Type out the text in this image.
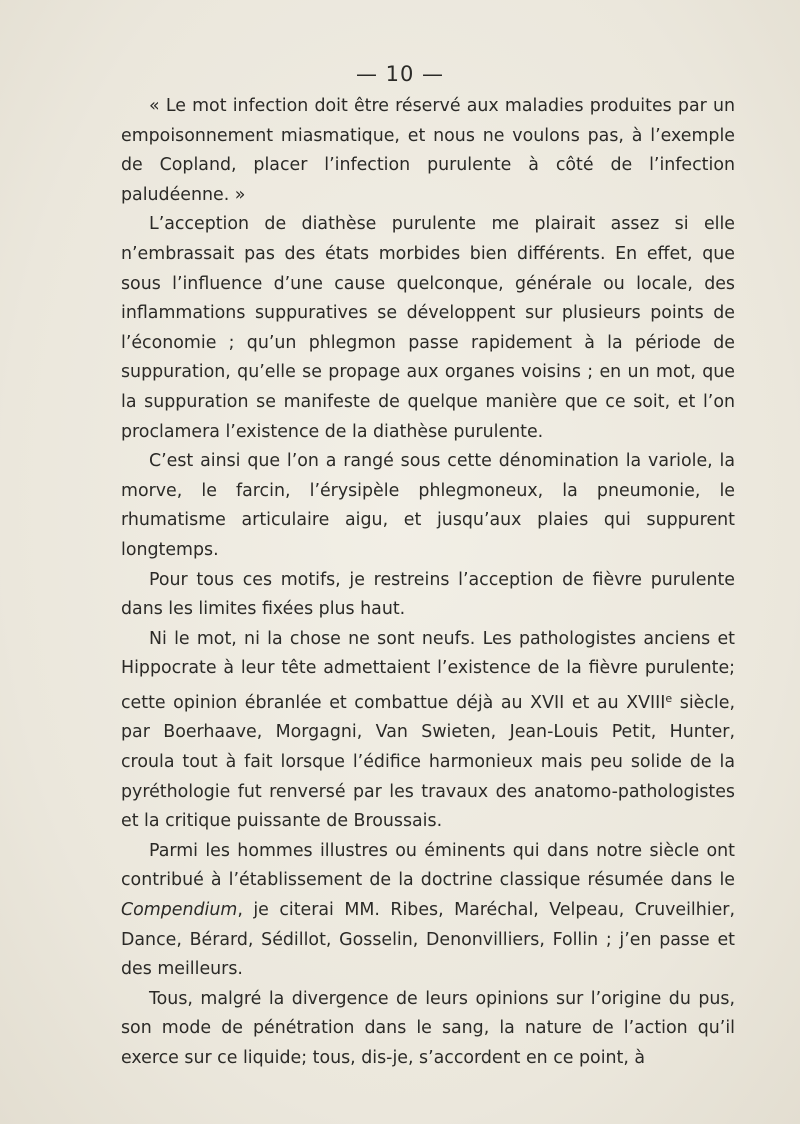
— 10 —

« Le mot infection doit être réservé aux maladies produites par un empoisonnement miasmatique, et nous ne voulons pas, à l’exemple de Copland, placer l’infection purulente à côté de l’infection paludéenne. »

L’acception de diathèse purulente me plairait assez si elle n’embrassait pas des états morbides bien différents. En effet, que sous l’influence d’une cause quelconque, générale ou locale, des inflammations suppuratives se développent sur plusieurs points de l’économie ; qu’un phlegmon passe rapidement à la période de suppuration, qu’elle se propage aux organes voisins ; en un mot, que la suppuration se manifeste de quelque manière que ce soit, et l’on proclamera l’existence de la diathèse purulente.

C’est ainsi que l’on a rangé sous cette dénomination la variole, la morve, le farcin, l’érysipèle phlegmoneux, la pneumonie, le rhumatisme articulaire aigu, et jusqu’aux plaies qui suppurent longtemps.

Pour tous ces motifs, je restreins l’acception de fièvre purulente dans les limites fixées plus haut.

Ni le mot, ni la chose ne sont neufs. Les pathologistes anciens et Hippocrate à leur tête admettaient l’existence de la fièvre purulente; cette opinion ébranlée et combattue déjà au XVII et au XVIIIe siècle, par Boerhaave, Morgagni, Van Swieten, Jean-Louis Petit, Hunter, croula tout à fait lorsque l’édifice harmonieux mais peu solide de la pyréthologie fut renversé par les travaux des anatomo-pathologistes et la critique puissante de Broussais.

Parmi les hommes illustres ou éminents qui dans notre siècle ont contribué à l’établissement de la doctrine classique résumée dans le Compendium, je citerai MM. Ribes, Maréchal, Velpeau, Cruveilhier, Dance, Bérard, Sédillot, Gosselin, Denonvilliers, Follin ; j’en passe et des meilleurs.

Tous, malgré la divergence de leurs opinions sur l’origine du pus, son mode de pénétration dans le sang, la nature de l’action qu’il exerce sur ce liquide; tous, dis-je, s’accordent en ce point, à
